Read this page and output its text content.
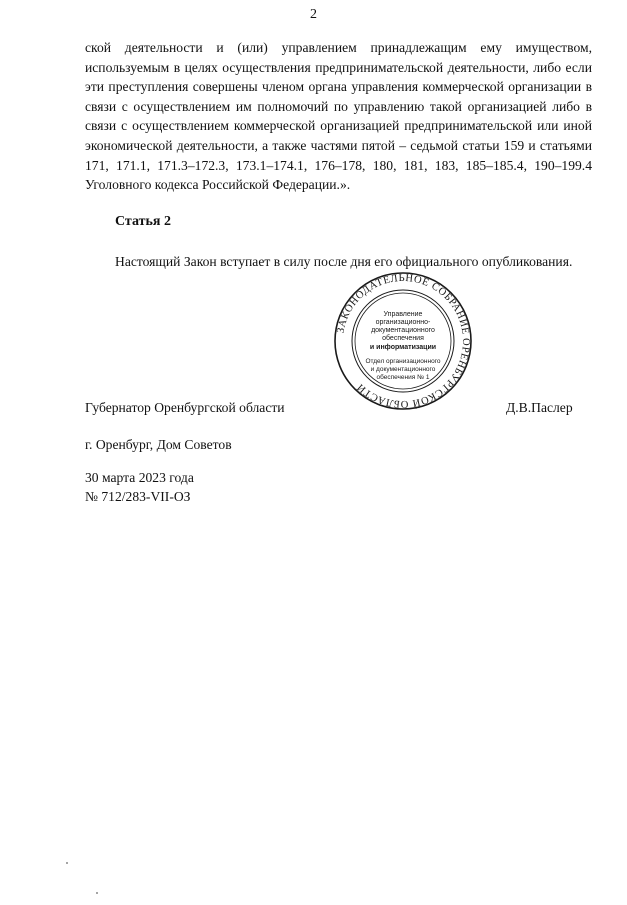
2
ской деятельности и (или) управлением принадлежащим ему имуществом, используемым в целях осуществления предпринимательской деятельности, либо если эти преступления совершены членом органа управления коммерческой организации в связи с осуществлением им полномочий по управлению такой организацией либо в связи с осуществлением коммерческой организацией предпринимательской или иной экономической деятельности, а также частями пятой – седьмой статьи 159 и статьями 171, 171.1, 171.3–172.3, 173.1–174.1, 176–178, 180, 181, 183, 185–185.4, 190–199.4 Уголовного кодекса Российской Федерации.».
Статья 2
Настоящий Закон вступает в силу после дня его официального опубликования.
ЗАКОНОДАТЕЛЬНОЕ СОБРАНИЕ ОРЕНБУРГСКОЙ ОБЛАСТИ
Управление
организационно-
документационного
обеспечения
и информатизации
Отдел организационного
и документационного
обеспечения № 1
Губернатор Оренбургской области	Д.В.Паслер
г. Оренбург, Дом Советов
30 марта 2023 года
№ 712/283-VII-ОЗ
